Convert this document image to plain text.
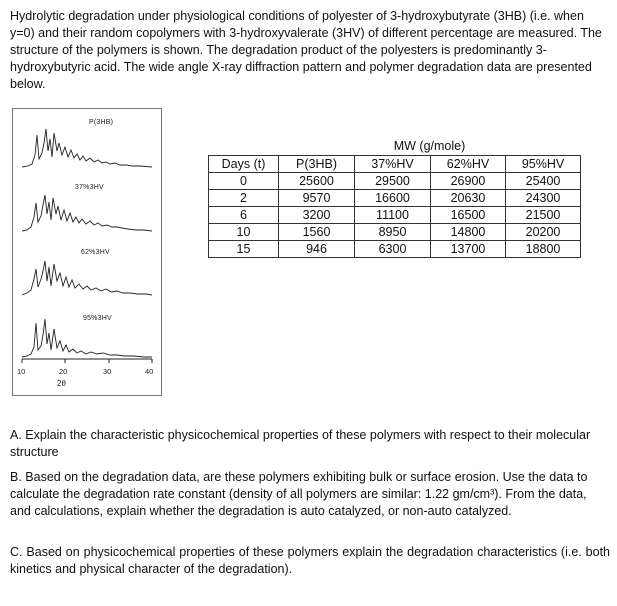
Hydrolytic degradation under physiological conditions of polyester of 3-hydroxybutyrate (3HB) (i.e. when y=0) and their random copolymers with 3-hydroxyvalerate (3HV) of different percentage are measured. The structure of the polymers is shown. The degradation product of the polyesters is predominantly 3-hydroxybutyric acid. The wide angle X-ray diffraction pattern and polymer degradation data are presented below.

P(3HB)
37%3HV
62%3HV
95%3HV
10	20	30	40
2θ
	MW (g/mole)			
Days (t)	P(3HB)	37%HV	62%HV	95%HV
0	25600	29500	26900	25400
2	9570	16600	20630	24300
6	3200	11100	16500	21500
10	1560	8950	14800	20200
15	946	6300	13700	18800

A. Explain the characteristic physicochemical properties of these polymers with respect to their molecular structure

B. Based on the degradation data, are these polymers exhibiting bulk or surface erosion. Use the data to calculate the degradation rate constant (density of all polymers are similar: 1.22 gm/cm³). From the data, and calculations, explain whether the degradation is auto catalyzed, or non-auto catalyzed.

C. Based on physicochemical properties of these polymers explain the degradation characteristics (i.e. both kinetics and physical character of the degradation).
